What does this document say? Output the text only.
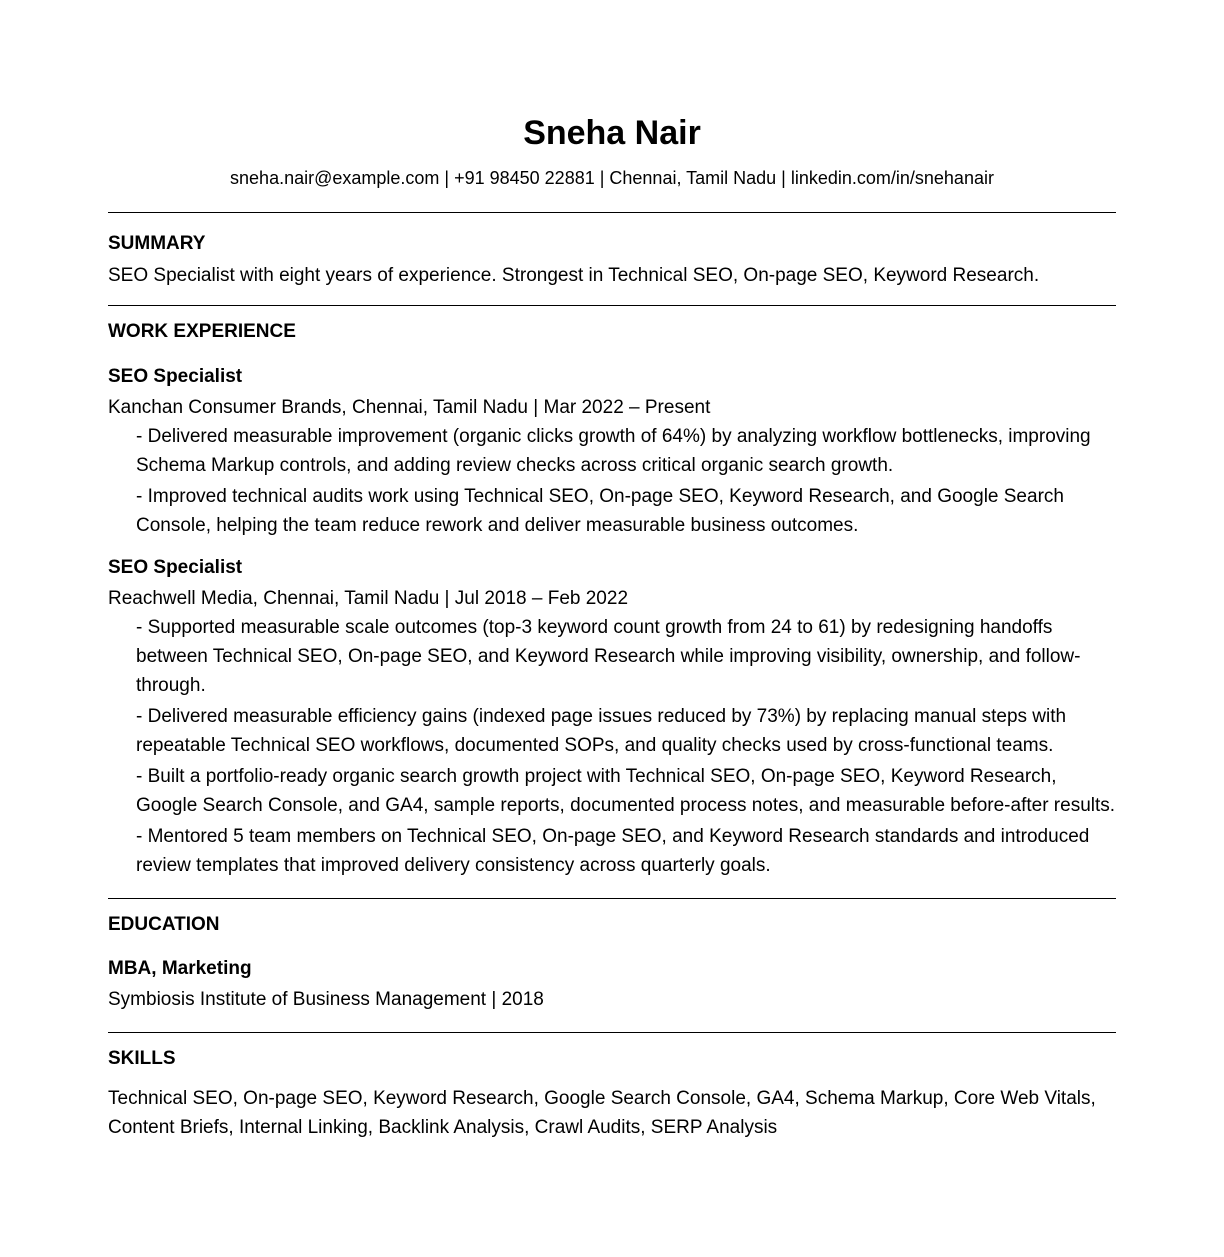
Sneha Nair
sneha.nair@example.com | +91 98450 22881 | Chennai, Tamil Nadu | linkedin.com/in/snehanair
SUMMARY
SEO Specialist with eight years of experience. Strongest in Technical SEO, On-page SEO, Keyword Research.
WORK EXPERIENCE
SEO Specialist
Kanchan Consumer Brands, Chennai, Tamil Nadu | Mar 2022 – Present
- Delivered measurable improvement (organic clicks growth of 64%) by analyzing workflow bottlenecks, improving Schema Markup controls, and adding review checks across critical organic search growth.
- Improved technical audits work using Technical SEO, On-page SEO, Keyword Research, and Google Search Console, helping the team reduce rework and deliver measurable business outcomes.
SEO Specialist
Reachwell Media, Chennai, Tamil Nadu | Jul 2018 – Feb 2022
- Supported measurable scale outcomes (top-3 keyword count growth from 24 to 61) by redesigning handoffs between Technical SEO, On-page SEO, and Keyword Research while improving visibility, ownership, and follow-through.
- Delivered measurable efficiency gains (indexed page issues reduced by 73%) by replacing manual steps with repeatable Technical SEO workflows, documented SOPs, and quality checks used by cross-functional teams.
- Built a portfolio-ready organic search growth project with Technical SEO, On-page SEO, Keyword Research, Google Search Console, and GA4, sample reports, documented process notes, and measurable before-after results.
- Mentored 5 team members on Technical SEO, On-page SEO, and Keyword Research standards and introduced review templates that improved delivery consistency across quarterly goals.
EDUCATION
MBA, Marketing
Symbiosis Institute of Business Management | 2018
SKILLS
Technical SEO, On-page SEO, Keyword Research, Google Search Console, GA4, Schema Markup, Core Web Vitals, Content Briefs, Internal Linking, Backlink Analysis, Crawl Audits, SERP Analysis
